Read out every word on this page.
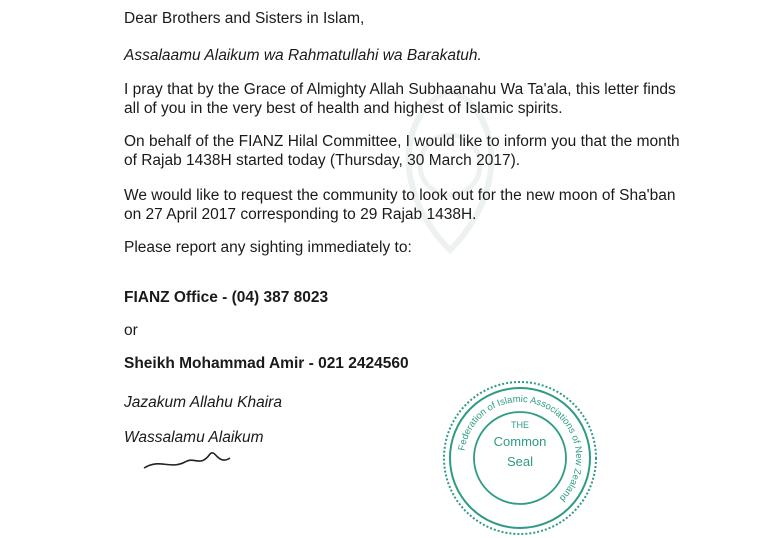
Dear Brothers and Sisters in Islam,
Assalaamu Alaikum wa Rahmatullahi wa Barakatuh.
I pray that by the Grace of Almighty Allah Subhaanahu Wa Ta'ala, this letter finds
all of you in the very best of health and highest of Islamic spirits.
On behalf of the FIANZ Hilal Committee, I would like to inform you that the month
of Rajab 1438H started today (Thursday, 30 March 2017).
We would like to request the community to look out for the new moon of Sha'ban
on 27 April 2017 corresponding to 29 Rajab 1438H.
Please report any sighting immediately to:
FIANZ Office - (04) 387 8023
or
Sheikh Mohammad Amir - 021 2424560
Jazakum Allahu Khaira
Wassalamu Alaikum
Federation of Islamic Associations of New Zealand
THE
Common
Seal
